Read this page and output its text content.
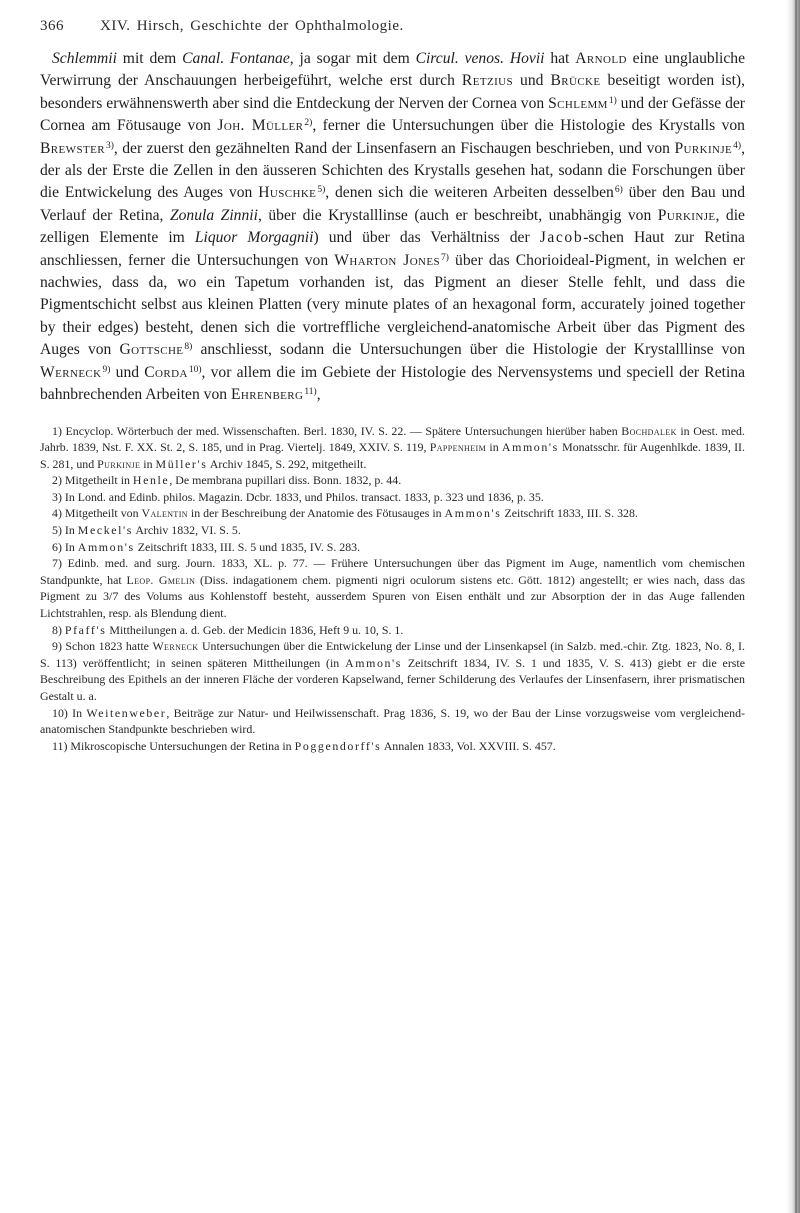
366 XIV. Hirsch, Geschichte der Ophthalmologie.

Schlemmii mit dem Canal. Fontanae, ja sogar mit dem Circul. venos. Hovii hat Arnold eine unglaubliche Verwirrung der Anschauungen herbeigeführt, welche erst durch Retzius und Brücke beseitigt worden ist), besonders erwähnenswerth aber sind die Entdeckung der Nerven der Cornea von Schlemm$^{1)}$ und der Gefässe der Cornea am Fötusauge von Joh. Müller$^{2)}$, ferner die Untersuchungen über die Histologie des Krystalls von Brewster$^{3)}$, der zuerst den gezähnelten Rand der Linsenfasern an Fischaugen beschrieben, und von Purkinje$^{4)}$, der als der Erste die Zellen in den äusseren Schichten des Krystalls gesehen hat, sodann die Forschungen über die Entwickelung des Auges von Huschke$^{5)}$, denen sich die weiteren Arbeiten desselben$^{6)}$ über den Bau und Verlauf der Retina, Zonula Zinnii, über die Krystalllinse (auch er beschreibt, unabhängig von Purkinje, die zelligen Elemente im Liquor Morgagnii) und über das Verhältniss der Jacob-schen Haut zur Retina anschliessen, ferner die Untersuchungen von Wharton Jones$^{7)}$ über das Chorioideal-Pigment, in welchen er nachwies, dass da, wo ein Tapetum vorhanden ist, das Pigment an dieser Stelle fehlt, und dass die Pigmentschicht selbst aus kleinen Platten (very minute plates of an hexagonal form, accurately joined together by their edges) besteht, denen sich die vortreffliche vergleichend-anatomische Arbeit über das Pigment des Auges von Gottsche$^{8)}$ anschliesst, sodann die Untersuchungen über die Histologie der Krystalllinse von Werneck$^{9)}$ und Corda$^{10)}$, vor allem die im Gebiete der Histologie des Nervensystems und speciell der Retina bahnbrechenden Arbeiten von Ehrenberg$^{11)}$,

1) Encyclop. Wörterbuch der med. Wissenschaften. Berl. 1830, IV. S. 22. — Spätere Untersuchungen hierüber haben Bochdalek in Oest. med. Jahrb. 1839, Nst. F. XX. St. 2, S. 185, und in Prag. Viertelj. 1849, XXIV. S. 119, Pappenheim in Ammon's Monatsschr. für Augenhlkde. 1839, II. S. 281, und Purkinje in Müller's Archiv 1845, S. 292, mitgetheilt.

2) Mitgetheilt in Henle, De membrana pupillari diss. Bonn. 1832, p. 44.

3) In Lond. and Edinb. philos. Magazin. Dcbr. 1833, und Philos. transact. 1833, p. 323 und 1836, p. 35.

4) Mitgetheilt von Valentin in der Beschreibung der Anatomie des Fötusauges in Ammon's Zeitschrift 1833, III. S. 328.

5) In Meckel's Archiv 1832, VI. S. 5.

6) In Ammon's Zeitschrift 1833, III. S. 5 und 1835, IV. S. 283.

7) Edinb. med. and surg. Journ. 1833, XL. p. 77. — Frühere Untersuchungen über das Pigment im Auge, namentlich vom chemischen Standpunkte, hat Leop. Gmelin (Diss. indagationem chem. pigmenti nigri oculorum sistens etc. Gött. 1812) angestellt; er wies nach, dass das Pigment zu 3/7 des Volums aus Kohlenstoff besteht, ausserdem Spuren von Eisen enthält und zur Absorption der in das Auge fallenden Lichtstrahlen, resp. als Blendung dient.

8) Pfaff's Mittheilungen a. d. Geb. der Medicin 1836, Heft 9 u. 10, S. 1.

9) Schon 1823 hatte Werneck Untersuchungen über die Entwickelung der Linse und der Linsenkapsel (in Salzb. med.-chir. Ztg. 1823, No. 8, I. S. 113) veröffentlicht; in seinen späteren Mittheilungen (in Ammon's Zeitschrift 1834, IV. S. 1 und 1835, V. S. 413) giebt er die erste Beschreibung des Epithels an der inneren Fläche der vorderen Kapselwand, ferner Schilderung des Verlaufes der Linsenfasern, ihrer prismatischen Gestalt u. a.

10) In Weitenweber, Beiträge zur Natur- und Heilwissenschaft. Prag 1836, S. 19, wo der Bau der Linse vorzugsweise vom vergleichend-anatomischen Standpunkte beschrieben wird.

11) Mikroscopische Untersuchungen der Retina in Poggendorff's Annalen 1833, Vol. XXVIII. S. 457.
